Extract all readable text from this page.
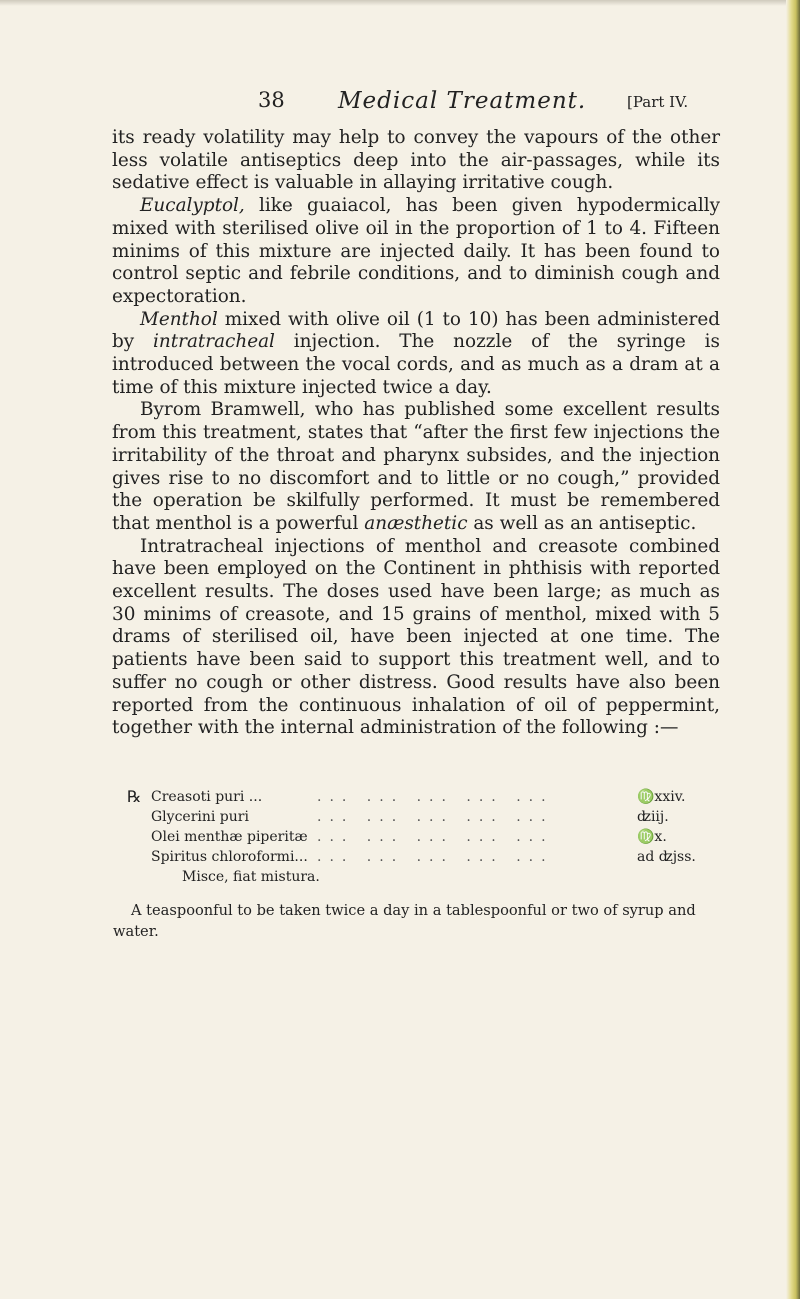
38 Medical Treatment.	[Part IV.

its ready volatility may help to convey the vapours of the other less volatile antiseptics deep into the air-passages, while its sedative effect is valuable in allaying irritative cough.

Eucalyptol, like guaiacol, has been given hypodermically mixed with sterilised olive oil in the proportion of 1 to 4. Fifteen minims of this mixture are injected daily. It has been found to control septic and febrile conditions, and to diminish cough and expectoration.

Menthol mixed with olive oil (1 to 10) has been administered by intratracheal injection. The nozzle of the syringe is introduced between the vocal cords, and as much as a dram at a time of this mixture injected twice a day.

Byrom Bramwell, who has published some excellent results from this treatment, states that “after the first few injections the irritability of the throat and pharynx subsides, and the injection gives rise to no discomfort and to little or no cough,” provided the operation be skilfully performed. It must be remembered that menthol is a powerful anæsthetic as well as an antiseptic.

Intratracheal injections of menthol and creasote combined have been employed on the Continent in phthisis with reported excellent results. The doses used have been large; as much as 30 minims of creasote, and 15 grains of menthol, mixed with 5 drams of sterilised oil, have been injected at one time. The patients have been said to support this treatment well, and to suffer no cough or other distress. Good results have also been reported from the continuous inhalation of oil of peppermint, together with the internal administration of the following :—

℞ Creasoti puri ...	... ... ... ... ...	♍xxiv.
Glycerini puri	... ... ... ... ...	ʣiij.
Olei menthæ piperitæ ... ... ... ... ...	♍x.
Spiritus chloroformi... ... ... ... ... ...	ad ʣjss.
Misce, fiat mistura.

A teaspoonful to be taken twice a day in a tablespoonful or two of syrup and water.
